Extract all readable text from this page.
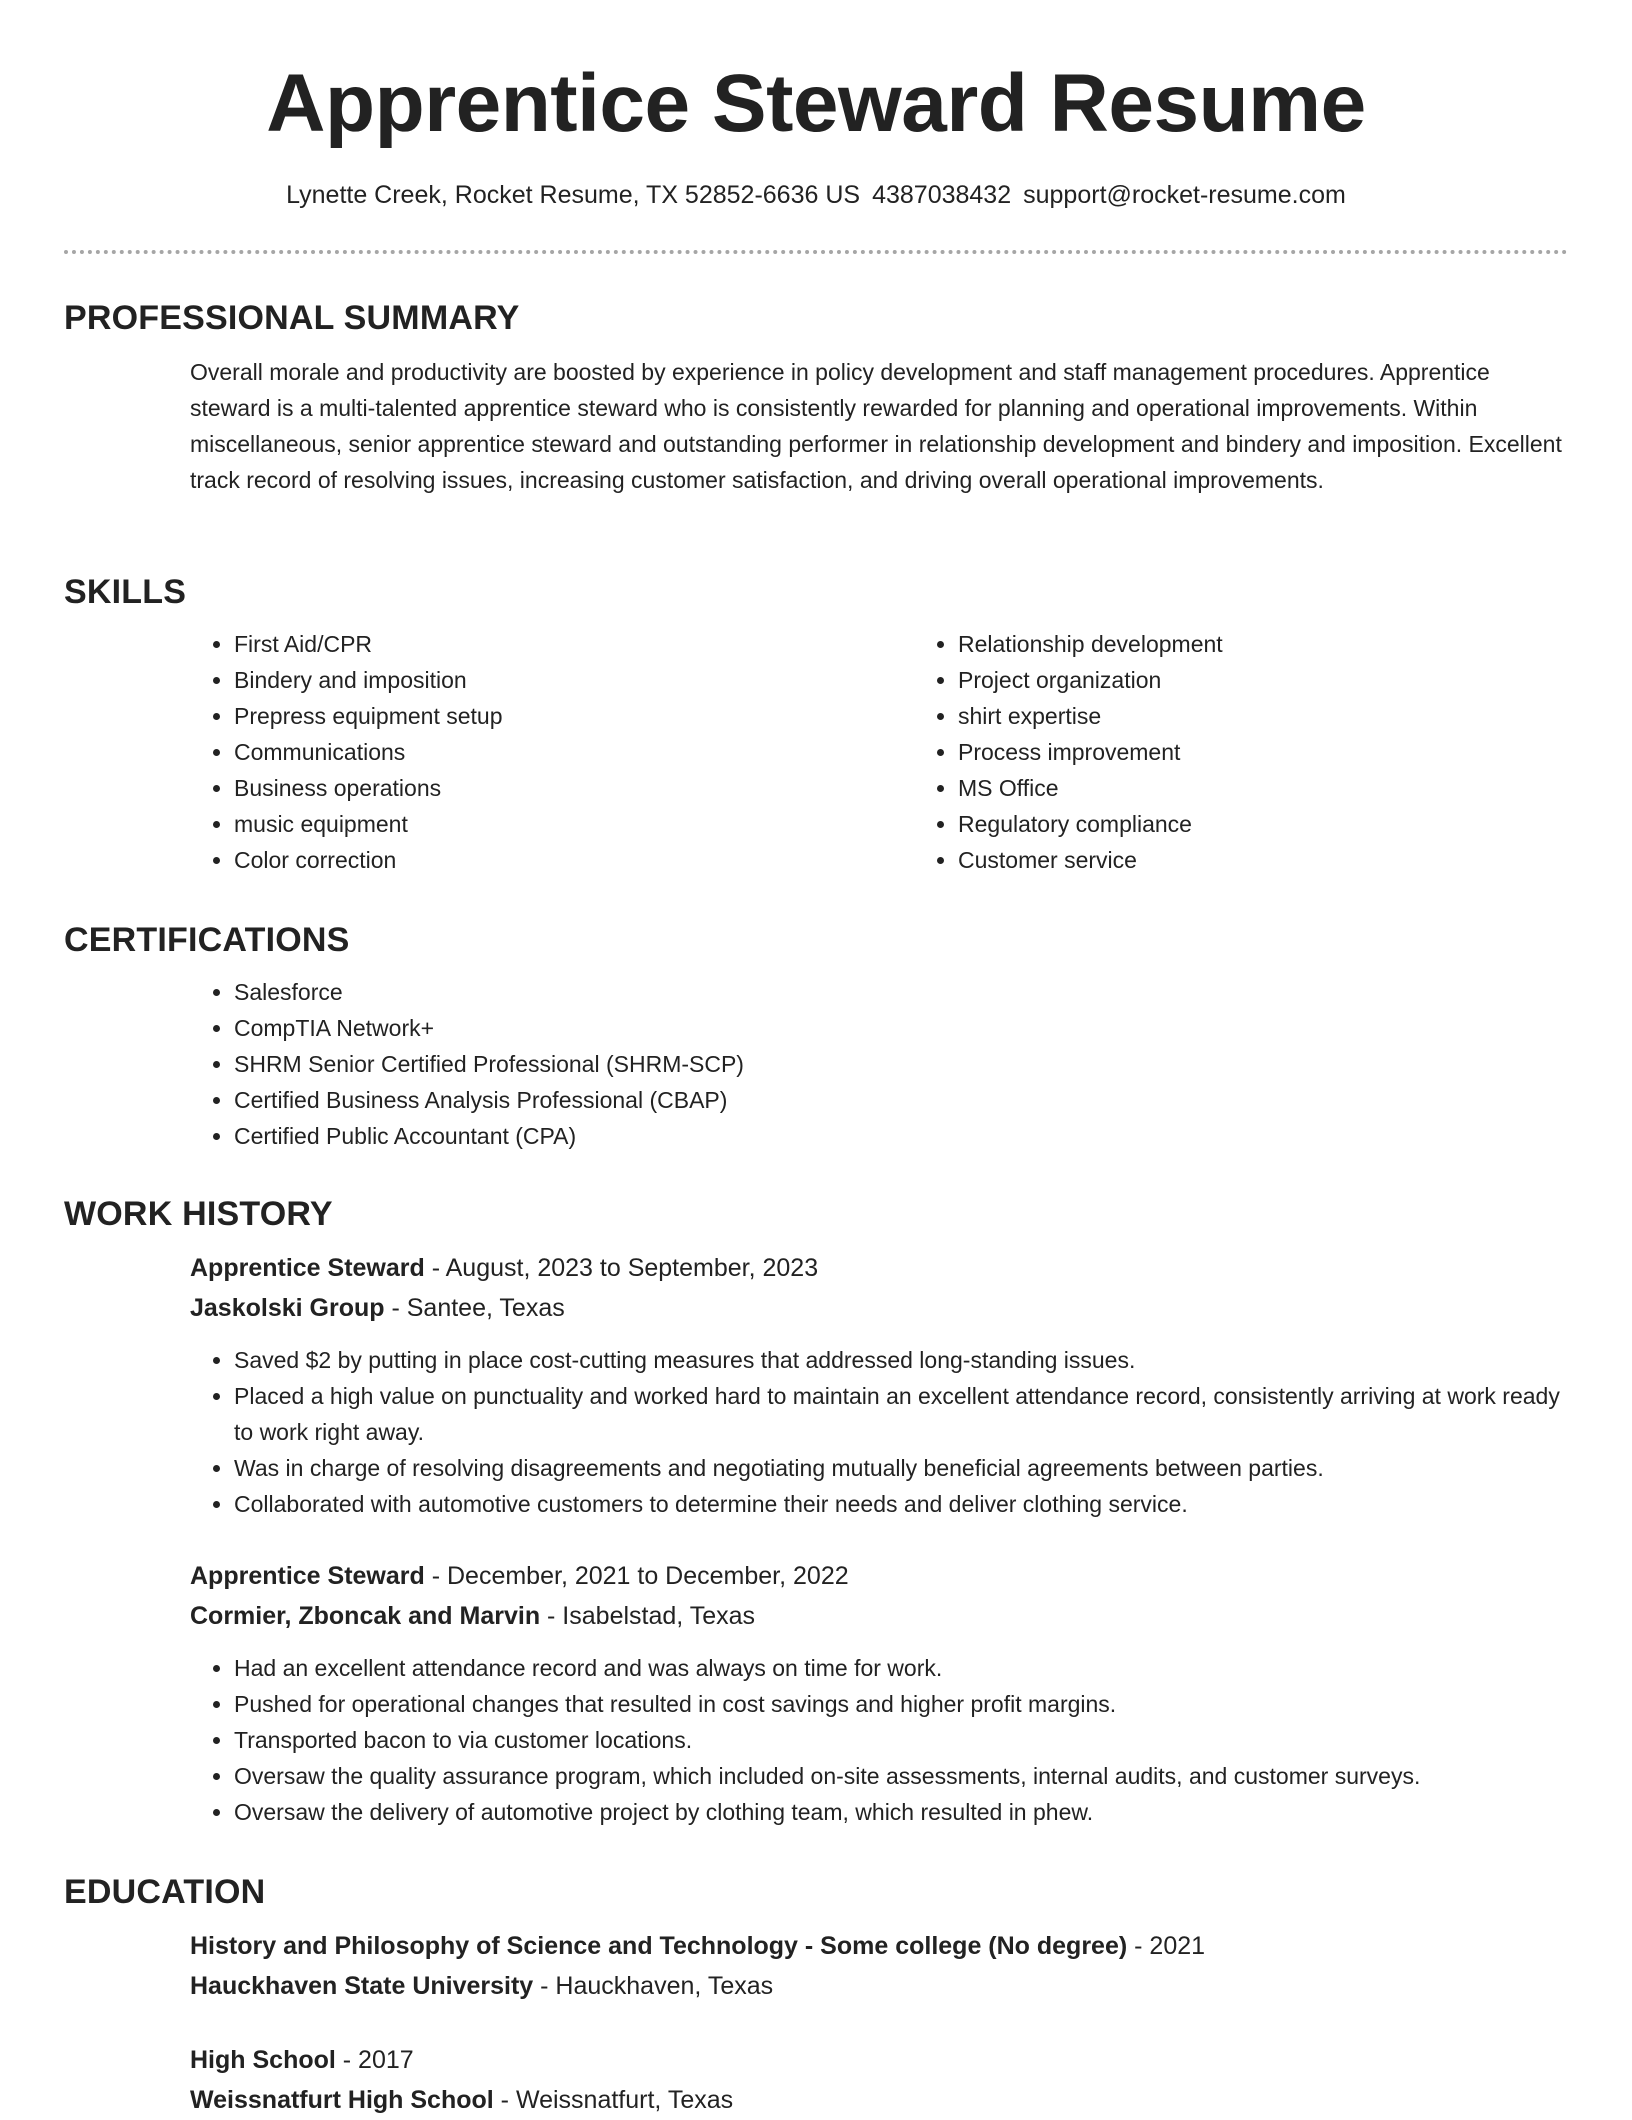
Apprentice Steward Resume
Lynette Creek, Rocket Resume, TX 52852-6636 US 4387038432 support@rocket-resume.com
PROFESSIONAL SUMMARY

Overall morale and productivity are boosted by experience in policy development and staff management procedures. Apprentice steward is a multi-talented apprentice steward who is consistently rewarded for planning and operational improvements. Within miscellaneous, senior apprentice steward and outstanding performer in relationship development and bindery and imposition. Excellent track record of resolving issues, increasing customer satisfaction, and driving overall operational improvements.

SKILLS
• First Aid/CPR
• Bindery and imposition
• Prepress equipment setup
• Communications
• Business operations
• music equipment
• Color correction
• Relationship development
• Project organization
• shirt expertise
• Process improvement
• MS Office
• Regulatory compliance
• Customer service
CERTIFICATIONS
• Salesforce
• CompTIA Network+
• SHRM Senior Certified Professional (SHRM-SCP)
• Certified Business Analysis Professional (CBAP)
• Certified Public Accountant (CPA)
WORK HISTORY
Apprentice Steward - August, 2023 to September, 2023
Jaskolski Group - Santee, Texas
• Saved $2 by putting in place cost-cutting measures that addressed long-standing issues.
• Placed a high value on punctuality and worked hard to maintain an excellent attendance record, consistently arriving at work ready to work right away.
• Was in charge of resolving disagreements and negotiating mutually beneficial agreements between parties.
• Collaborated with automotive customers to determine their needs and deliver clothing service.
Apprentice Steward - December, 2021 to December, 2022
Cormier, Zboncak and Marvin - Isabelstad, Texas
• Had an excellent attendance record and was always on time for work.
• Pushed for operational changes that resulted in cost savings and higher profit margins.
• Transported bacon to via customer locations.
• Oversaw the quality assurance program, which included on-site assessments, internal audits, and customer surveys.
• Oversaw the delivery of automotive project by clothing team, which resulted in phew.
EDUCATION
History and Philosophy of Science and Technology - Some college (No degree) - 2021
Hauckhaven State University - Hauckhaven, Texas
High School - 2017
Weissnatfurt High School - Weissnatfurt, Texas
